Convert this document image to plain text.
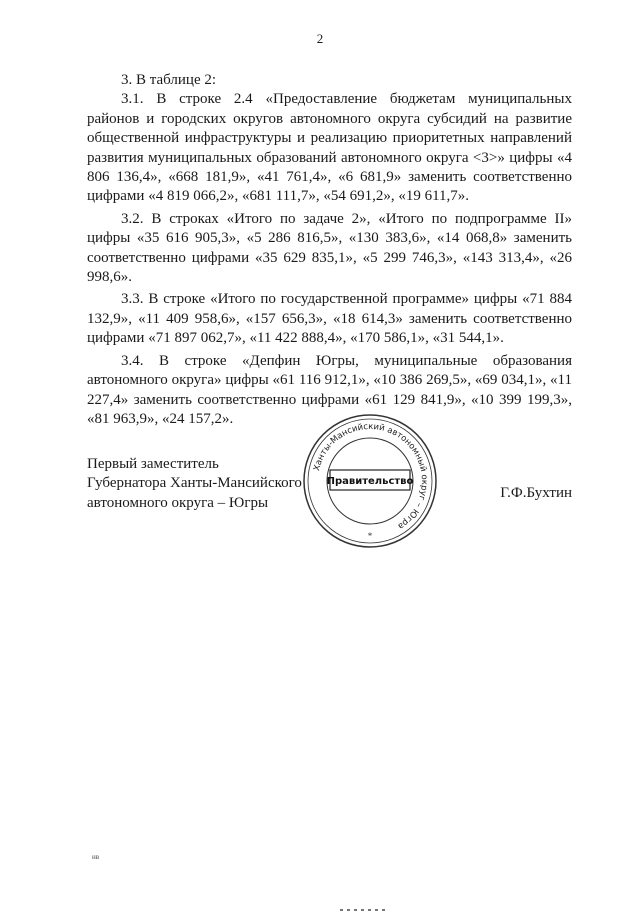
2

3. В таблице 2:

3.1. В строке 2.4 «Предоставление бюджетам муниципальных районов и городских округов автономного округа субсидий на развитие общественной инфраструктуры и реализацию приоритетных направлений развития муниципальных образований автономного округа <3>» цифры «4 806 136,4», «668 181,9», «41 761,4», «6 681,9» заменить соответственно цифрами «4 819 066,2», «681 111,7», «54 691,2», «19 611,7».

3.2. В строках «Итого по задаче 2», «Итого по подпрограмме II» цифры «35 616 905,3», «5 286 816,5», «130 383,6», «14 068,8» заменить соответственно цифрами «35 629 835,1», «5 299 746,3», «143 313,4», «26 998,6».

3.3. В строке «Итого по государственной программе» цифры «71 884 132,9», «11 409 958,6», «157 656,3», «18 614,3» заменить соответственно цифрами «71 897 062,7», «11 422 888,4», «170 586,1», «31 544,1».

3.4. В строке «Депфин Югры, муниципальные образования автономного округа» цифры «61 116 912,1», «10 386 269,5», «69 034,1», «11 227,4» заменить соответственно цифрами «61 129 841,9», «10 399 199,3», «81 963,9», «24 157,2».

Первый заместитель
Губернатора Ханты-Мансийского
автономного округа – Югры
Г.Ф.Бухтин
Ханты-Мансийский автономный округ – Югра
Правительство
*
нв
